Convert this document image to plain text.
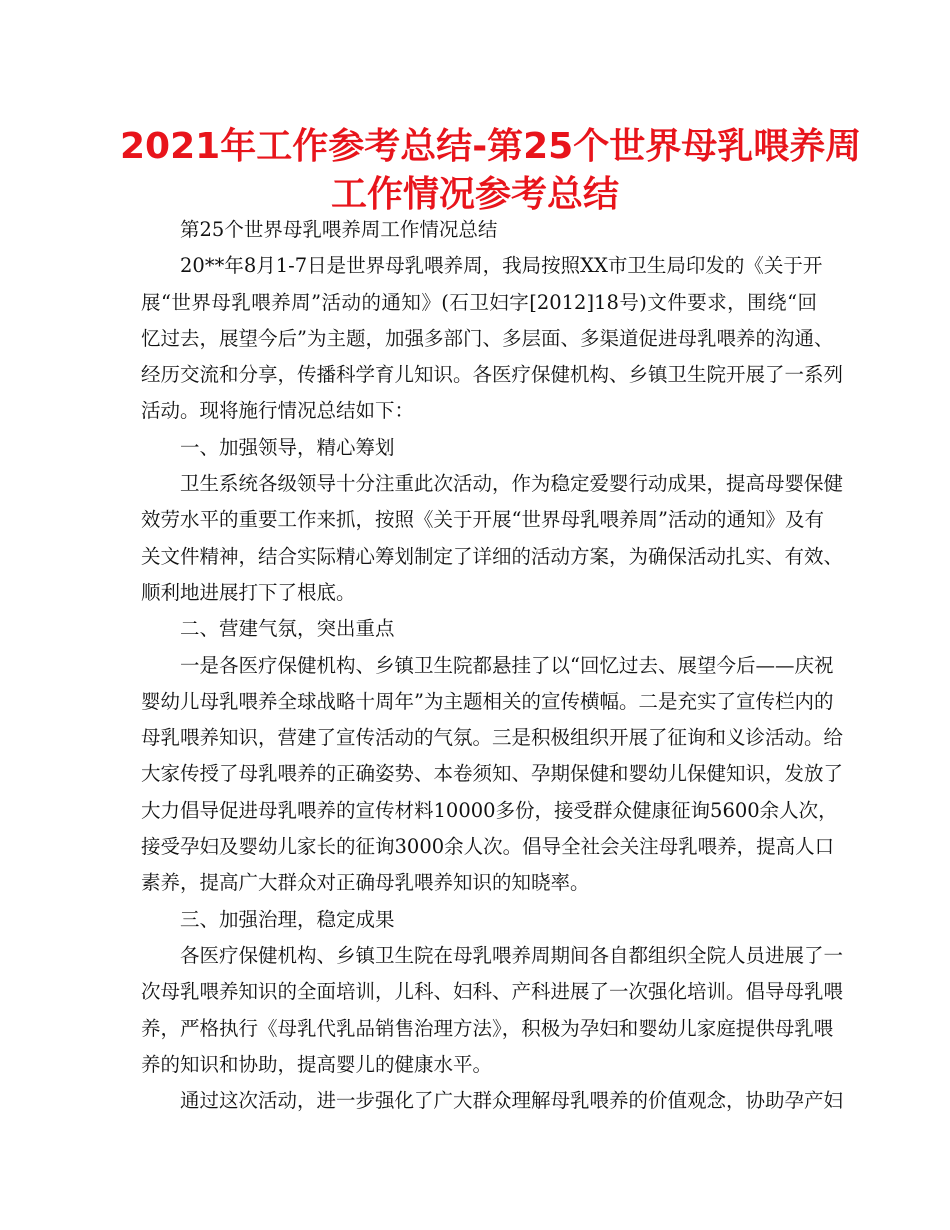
2021年工作参考总结-第25个世界母乳喂养周
工作情况参考总结
第25个世界母乳喂养周工作情况总结
20**年8月1-7日是世界母乳喂养周，我局按照XX市卫生局印发的《关于开
展“世界母乳喂养周”活动的通知》(石卫妇字[2012]18号)文件要求，围绕“回
忆过去，展望今后”为主题，加强多部门、多层面、多渠道促进母乳喂养的沟通、
经历交流和分享，传播科学育儿知识。各医疗保健机构、乡镇卫生院开展了一系列
活动。现将施行情况总结如下：
一、加强领导，精心筹划
卫生系统各级领导十分注重此次活动，作为稳定爱婴行动成果，提高母婴保健
效劳水平的重要工作来抓，按照《关于开展“世界母乳喂养周”活动的通知》及有
关文件精神，结合实际精心筹划制定了详细的活动方案，为确保活动扎实、有效、
顺利地进展打下了根底。
二、营建气氛，突出重点
一是各医疗保健机构、乡镇卫生院都悬挂了以“回忆过去、展望今后——庆祝
婴幼儿母乳喂养全球战略十周年”为主题相关的宣传横幅。二是充实了宣传栏内的
母乳喂养知识，营建了宣传活动的气氛。三是积极组织开展了征询和义诊活动。给
大家传授了母乳喂养的正确姿势、本卷须知、孕期保健和婴幼儿保健知识，发放了
大力倡导促进母乳喂养的宣传材料10000多份，接受群众健康征询5600余人次，
接受孕妇及婴幼儿家长的征询3000余人次。倡导全社会关注母乳喂养，提高人口
素养，提高广大群众对正确母乳喂养知识的知晓率。
三、加强治理，稳定成果
各医疗保健机构、乡镇卫生院在母乳喂养周期间各自都组织全院人员进展了一
次母乳喂养知识的全面培训，儿科、妇科、产科进展了一次强化培训。倡导母乳喂
养，严格执行《母乳代乳品销售治理方法》，积极为孕妇和婴幼儿家庭提供母乳喂
养的知识和协助，提高婴儿的健康水平。
通过这次活动，进一步强化了广大群众理解母乳喂养的价值观念，协助孕产妇
